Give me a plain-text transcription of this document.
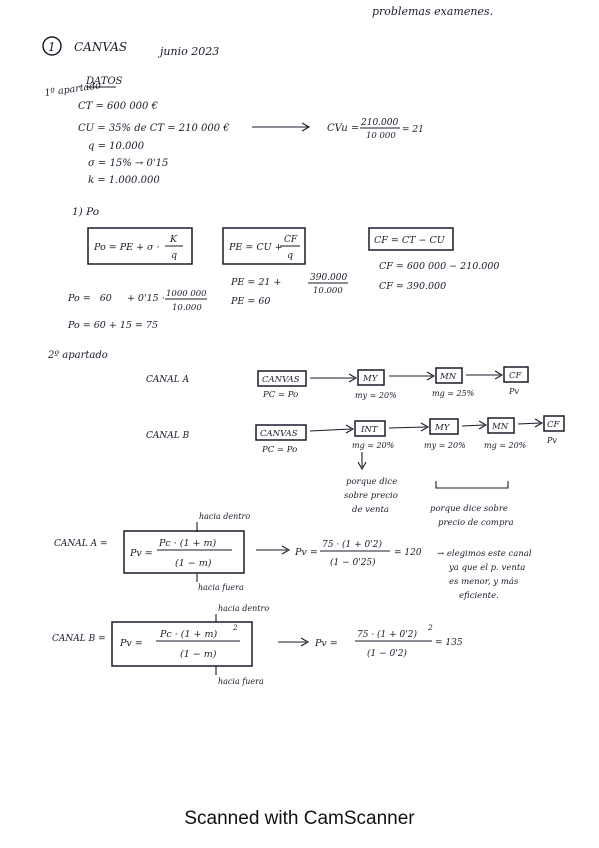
problemas examenes.
1 CANVAS	junio 2023
DATOS
1º apartado
CT = 600 000 €
CU = 35% de CT = 210 000 €	CVu = 210.000
10 000
= 21
q = 10.000
σ = 15% → 0'15
k = 1.000.000
1) Po
Po = PE + σ ·
K
q
PE = CU +
CF
q
CF = CT − CU
PE = 21 +	390.000
10.000
PE = 60
CF = 600 000 − 210.000
CF = 390.000
Po =   60     + 0'15 · 1000 000
10.000
Po = 60 + 15 = 75
2º apartado
CANAL A	CANVAS
PC = Po
MY
my = 20%
MN
mg = 25%
CF
Pv
CANAL B	CANVAS
PC = Po
INT
mg = 20%
MY
my = 20%
MN
mg = 20%
CF
Pv
porque dice
sobre precio
de venta	porque dice sobre
precio de compra
hacia dentro
CANAL A =
Pv =
Pc · (1 + m)
(1 − m)
hacia fuera
Pv =
75 · (1 + 0'2)
(1 − 0'25)
= 120 → elegimos este canal
ya que el p. venta
es menor, y más
eficiente.
hacia dentro
CANAL B = Pv =
Pc · (1 + m)
2
(1 − m)
hacia fuera
Pv =
75 · (1 + 0'2)
2
(1 − 0'2)
= 135
Scanned with CamScanner
